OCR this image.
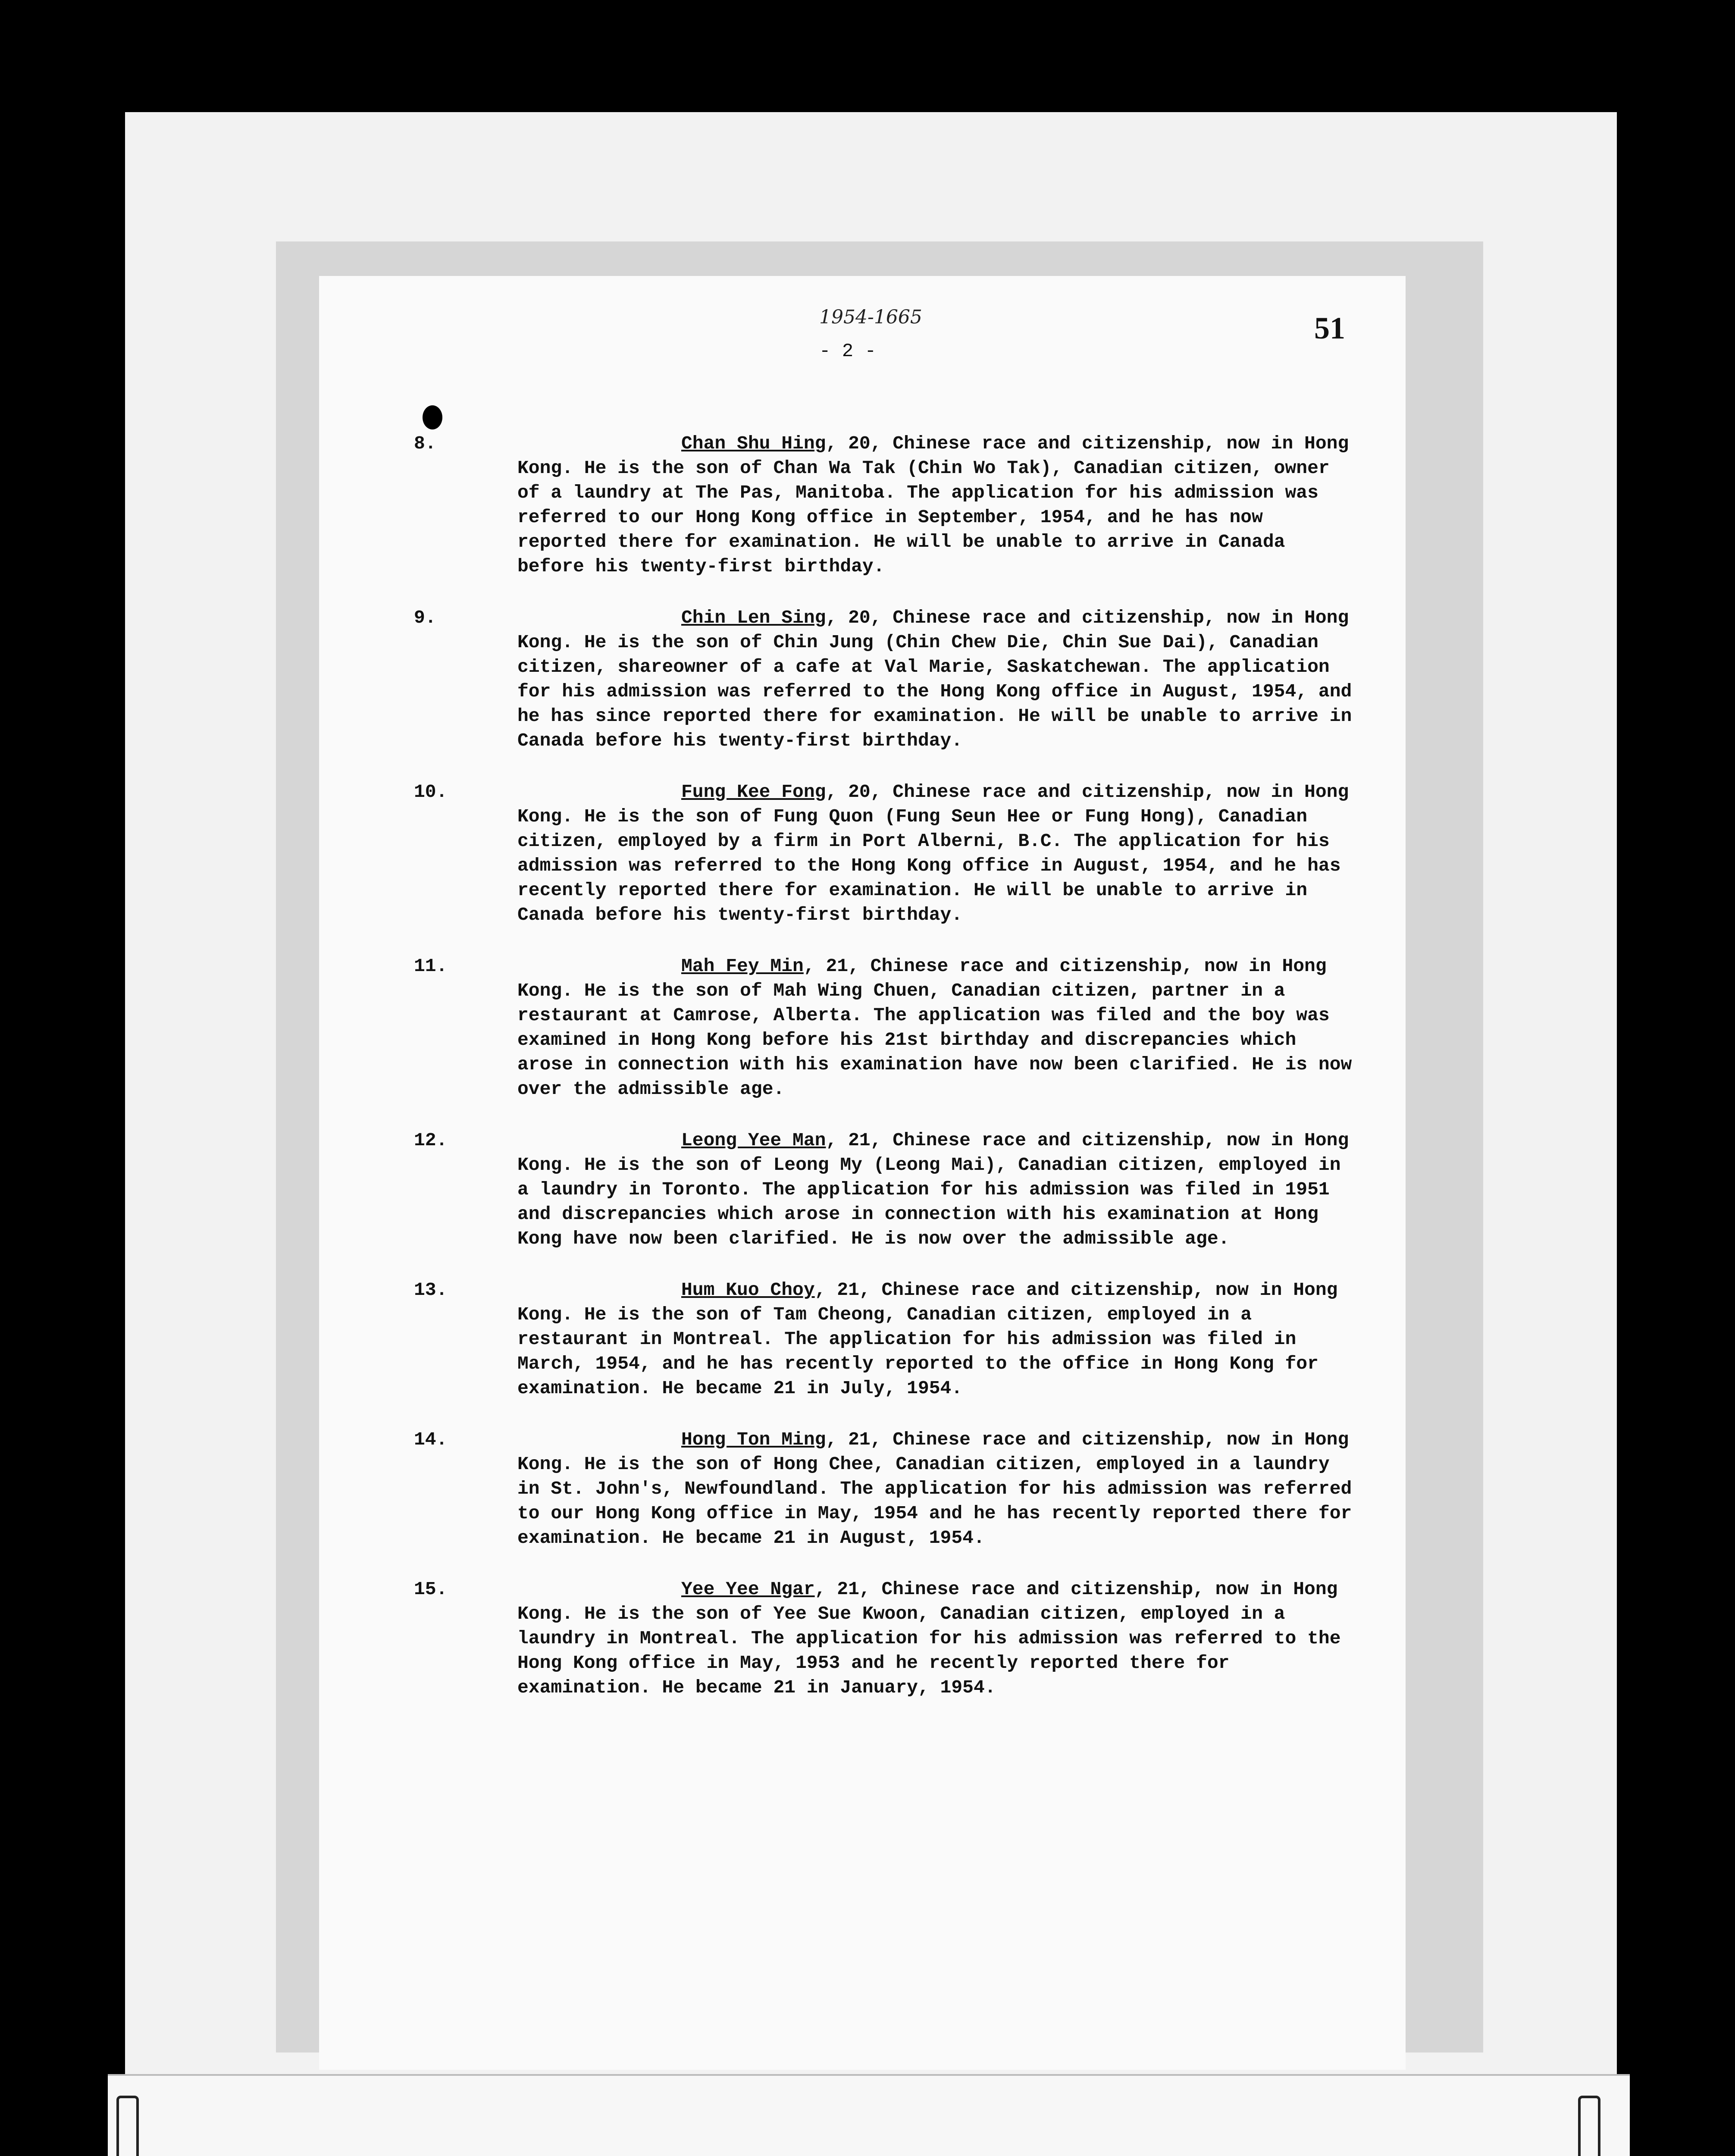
1954-1665
- 2 -
51
8.	Chan Shu Hing, 20, Chinese race and citizenship, now in Hong Kong. He is the son of Chan Wa Tak (Chin Wo Tak), Canadian citizen, owner of a laundry at The Pas, Manitoba. The application for his admission was referred to our Hong Kong office in September, 1954, and he has now reported there for examination. He will be unable to arrive in Canada before his twenty-first birthday.
9.	Chin Len Sing, 20, Chinese race and citizenship, now in Hong Kong. He is the son of Chin Jung (Chin Chew Die, Chin Sue Dai), Canadian citizen, shareowner of a cafe at Val Marie, Saskatchewan. The application for his admission was referred to the Hong Kong office in August, 1954, and he has since reported there for examination. He will be unable to arrive in Canada before his twenty-first birthday.
10.	Fung Kee Fong, 20, Chinese race and citizenship, now in Hong Kong. He is the son of Fung Quon (Fung Seun Hee or Fung Hong), Canadian citizen, employed by a firm in Port Alberni, B.C. The application for his admission was referred to the Hong Kong office in August, 1954, and he has recently reported there for examination. He will be unable to arrive in Canada before his twenty-first birthday.
11.	Mah Fey Min, 21, Chinese race and citizenship, now in Hong Kong. He is the son of Mah Wing Chuen, Canadian citizen, partner in a restaurant at Camrose, Alberta. The application was filed and the boy was examined in Hong Kong before his 21st birthday and discrepancies which arose in connection with his examination have now been clarified. He is now over the admissible age.
12.	Leong Yee Man, 21, Chinese race and citizenship, now in Hong Kong. He is the son of Leong My (Leong Mai), Canadian citizen, employed in a laundry in Toronto. The application for his admission was filed in 1951 and discrepancies which arose in connection with his examination at Hong Kong have now been clarified. He is now over the admissible age.
13.	Hum Kuo Choy, 21, Chinese race and citizenship, now in Hong Kong. He is the son of Tam Cheong, Canadian citizen, employed in a restaurant in Montreal. The application for his admission was filed in March, 1954, and he has recently reported to the office in Hong Kong for examination. He became 21 in July, 1954.
14.	Hong Ton Ming, 21, Chinese race and citizenship, now in Hong Kong. He is the son of Hong Chee, Canadian citizen, employed in a laundry in St. John's, Newfoundland. The application for his admission was referred to our Hong Kong office in May, 1954 and he has recently reported there for examination. He became 21 in August, 1954.
15.	Yee Yee Ngar, 21, Chinese race and citizenship, now in Hong Kong. He is the son of Yee Sue Kwoon, Canadian citizen, employed in a laundry in Montreal. The application for his admission was referred to the Hong Kong office in May, 1953 and he recently reported there for examination. He became 21 in January, 1954.
